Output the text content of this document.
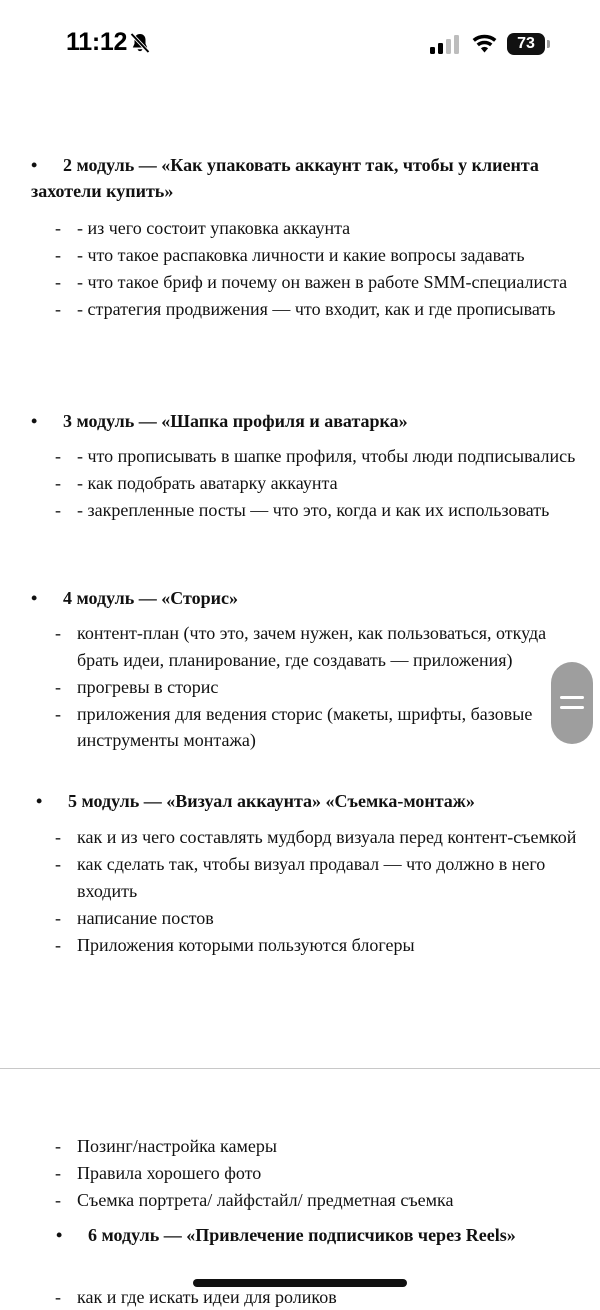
11:12	73

• 2 модуль — «Как упаковать аккаунт так, чтобы у клиента захотели купить»

- - из чего состоит упаковка аккаунта
- - что такое распаковка личности и какие вопросы задавать
- - что такое бриф и почему он важен в работе SMM-специалиста
- - стратегия продвижения — что входит, как и где прописывать

• 3 модуль — «Шапка профиля и аватарка»

- - что прописывать в шапке профиля, чтобы люди подписывались
- - как подобрать аватарку аккаунта
- - закрепленные посты — что это, когда и как их использовать

• 4 модуль — «Сторис»

- контент-план (что это, зачем нужен, как пользоваться, откуда брать идеи, планирование, где создавать — приложения)
- прогревы в сторис
- приложения для ведения сторис (макеты, шрифты, базовые инструменты монтажа)

• 5 модуль — «Визуал аккаунта» «Съемка-монтаж»

- как и из чего составлять мудборд визуала перед контент-съемкой
- как сделать так, чтобы визуал продавал — что должно в него входить
- написание постов
- Приложения которыми пользуются блогеры
- Позинг/настройка камеры
- Правила хорошего фото
- Съемка портрета/ лайфстайл/ предметная съемка

• 6 модуль — «Привлечение подписчиков через Reels»

- как и где искать идеи для роликов
